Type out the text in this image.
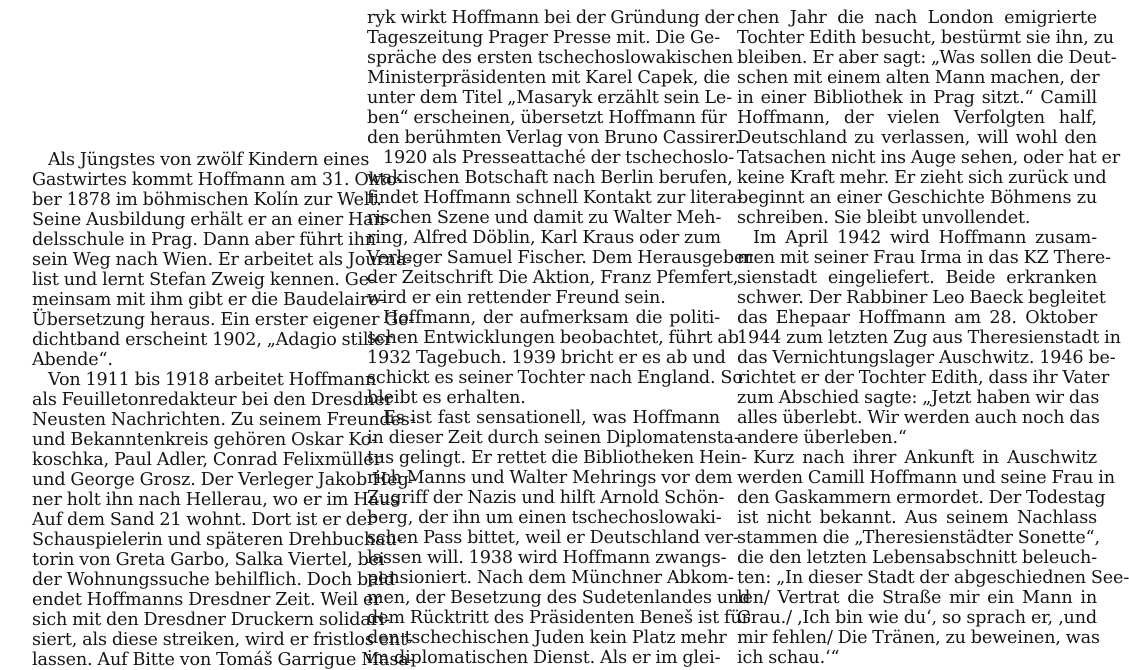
Als Jüngstes von zwölf Kindern eines
Gastwirtes kommt Hoffmann am 31. Okto-
ber 1878 im böhmischen Kolín zur Welt.
Seine Ausbildung erhält er an einer Han-
delsschule in Prag. Dann aber führt ihn
sein Weg nach Wien. Er arbeitet als Journa-
list und lernt Stefan Zweig kennen. Ge-
meinsam mit ihm gibt er die Baudelaire-
Übersetzung heraus. Ein erster eigener Ge-
dichtband erscheint 1902, „Adagio stiller
Abende“.
Von 1911 bis 1918 arbeitet Hoffmann
als Feuilletonredakteur bei den Dresdner
Neusten Nachrichten. Zu seinem Freundes-
und Bekanntenkreis gehören Oskar Ko-
koschka, Paul Adler, Conrad Felixmüller
und George Grosz. Der Verleger Jakob Heg-
ner holt ihn nach Hellerau, wo er im Haus
Auf dem Sand 21 wohnt. Dort ist er der
Schauspielerin und späteren Drehbuchau-
torin von Greta Garbo, Salka Viertel, bei
der Wohnungssuche behilflich. Doch bald
endet Hoffmanns Dresdner Zeit. Weil er
sich mit den Dresdner Druckern solidari-
siert, als diese streiken, wird er fristlos ent-
lassen. Auf Bitte von Tomáš Garrigue Masa-
ryk wirkt Hoffmann bei der Gründung der
Tageszeitung Prager Presse mit. Die Ge-
spräche des ersten tschechoslowakischen
Ministerpräsidenten mit Karel Capek, die
unter dem Titel „Masaryk erzählt sein Le-
ben“ erscheinen, übersetzt Hoffmann für
den berühmten Verlag von Bruno Cassirer.
1920 als Presseattaché der tschechoslo-
wakischen Botschaft nach Berlin berufen,
findet Hoffmann schnell Kontakt zur litera-
rischen Szene und damit zu Walter Meh-
ring, Alfred Döblin, Karl Kraus oder zum
Verleger Samuel Fischer. Dem Herausgeber
der Zeitschrift Die Aktion, Franz Pfemfert,
wird er ein rettender Freund sein.
Hoffmann, der aufmerksam die politi-
schen Entwicklungen beobachtet, führt ab
1932 Tagebuch. 1939 bricht er es ab und
schickt es seiner Tochter nach England. So
bleibt es erhalten.
Es ist fast sensationell, was Hoffmann
in dieser Zeit durch seinen Diplomatensta-
tus gelingt. Er rettet die Bibliotheken Hein-
rich Manns und Walter Mehrings vor dem
Zugriff der Nazis und hilft Arnold Schön-
berg, der ihn um einen tschechoslowaki-
schen Pass bittet, weil er Deutschland ver-
lassen will. 1938 wird Hoffmann zwangs-
pensioniert. Nach dem Münchner Abkom-
men, der Besetzung des Sudetenlandes und
dem Rücktritt des Präsidenten Beneš ist für
den tschechischen Juden kein Platz mehr
im diplomatischen Dienst. Als er im glei-
chen Jahr die nach London emigrierte
Tochter Edith besucht, bestürmt sie ihn, zu
bleiben. Er aber sagt: „Was sollen die Deut-
schen mit einem alten Mann machen, der
in einer Bibliothek in Prag sitzt.“ Camill
Hoffmann, der vielen Verfolgten half,
Deutschland zu verlassen, will wohl den
Tatsachen nicht ins Auge sehen, oder hat er
keine Kraft mehr. Er zieht sich zurück und
beginnt an einer Geschichte Böhmens zu
schreiben. Sie bleibt unvollendet.
Im April 1942 wird Hoffmann zusam-
men mit seiner Frau Irma in das KZ There-
sienstadt eingeliefert. Beide erkranken
schwer. Der Rabbiner Leo Baeck begleitet
das Ehepaar Hoffmann am 28. Oktober
1944 zum letzten Zug aus Theresienstadt in
das Vernichtungslager Auschwitz. 1946 be-
richtet er der Tochter Edith, dass ihr Vater
zum Abschied sagte: „Jetzt haben wir das
alles überlebt. Wir werden auch noch das
andere überleben.“
Kurz nach ihrer Ankunft in Auschwitz
werden Camill Hoffmann und seine Frau in
den Gaskammern ermordet. Der Todestag
ist nicht bekannt. Aus seinem Nachlass
stammen die „Theresienstädter Sonette“,
die den letzten Lebensabschnitt beleuch-
ten: „In dieser Stadt der abgeschiednen See-
len/ Vertrat die Straße mir ein Mann in
Grau./ ‚Ich bin wie du‘, so sprach er, ‚und
mir fehlen/ Die Tränen, zu beweinen, was
ich schau.‘“
